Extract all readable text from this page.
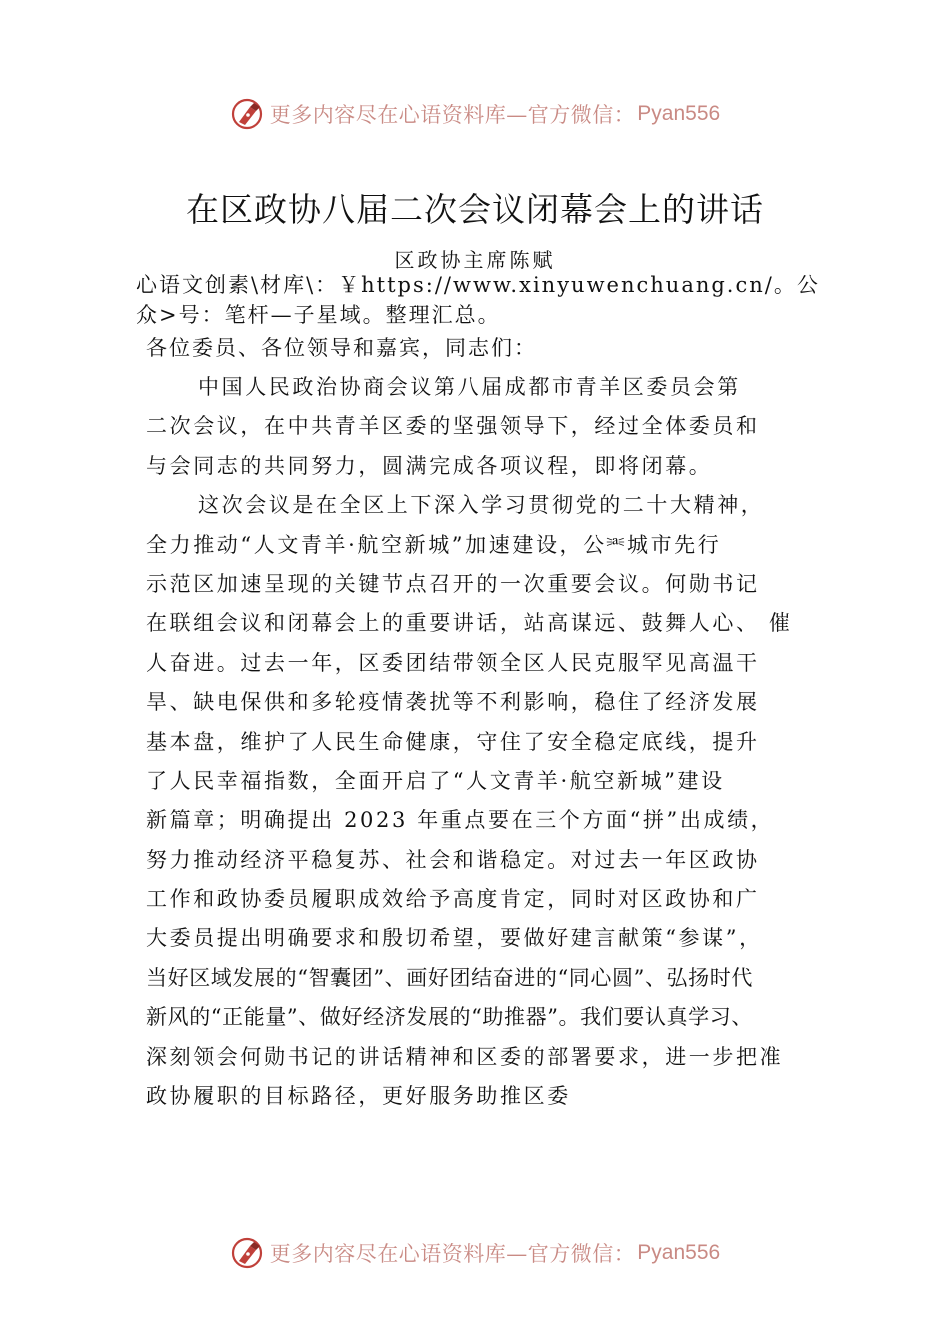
更多内容尽在心语资料库—官方微信： Pyan556
在区政协八届二次会议闭幕会上的讲话
区政协主席陈赋
心语文创素\材库\：￥https://www.xinyuwenchuang.cn/。公
众>号：笔杆—子星域。整理汇总。
各位委员、各位领导和嘉宾，同志们：
中国人民政治协商会议第八届成都市青羊区委员会第
二次会议，在中共青羊区委的坚强领导下，经过全体委员和
与会同志的共同努力，圆满完成各项议程，即将闭幕。
这次会议是在全区上下深入学习贯彻党的二十大精神，
全力推动“人文青羊·航空新城”加速建设，公⎃城市先行
示范区加速呈现的关键节点召开的一次重要会议。何勋书记
在联组会议和闭幕会上的重要讲话，站高谋远、鼓舞人心、 催
人奋进。过去一年，区委团结带领全区人民克服罕见高温干
旱、缺电保供和多轮疫情袭扰等不利影响，稳住了经济发展
基本盘，维护了人民生命健康，守住了安全稳定底线，提升
了人民幸福指数，全面开启了“人文青羊·航空新城”建设
新篇章；明确提出 2023 年重点要在三个方面“拼”出成绩，
努力推动经济平稳复苏、社会和谐稳定。对过去一年区政协
工作和政协委员履职成效给予高度肯定，同时对区政协和广
大委员提出明确要求和殷切希望，要做好建言献策“参谋”，
当好区域发展的“智囊团”、画好团结奋进的“同心圆”、弘扬时代
新风的“正能量”、做好经济发展的“助推器”。我们要认真学习、
深刻领会何勋书记的讲话精神和区委的部署要求，进一步把准
政协履职的目标路径，更好服务助推区委
更多内容尽在心语资料库—官方微信： Pyan556
